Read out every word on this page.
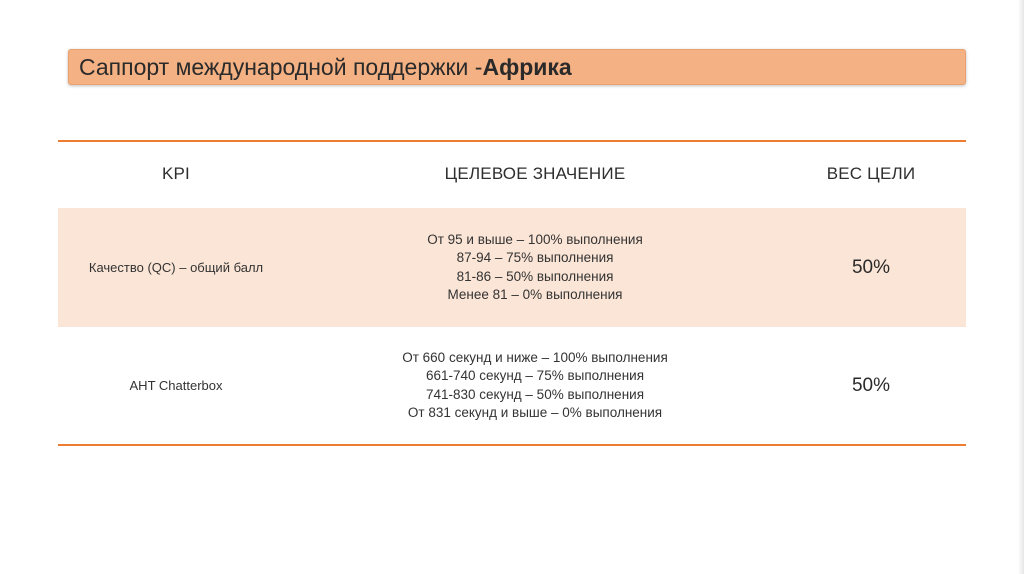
Саппорт международной поддержки - Африка
KPI	ЦЕЛЕВОЕ ЗНАЧЕНИЕ	ВЕС ЦЕЛИ
Качество (QC) – общий балл	От 95 и выше – 100% выполнения
87-94 – 75% выполнения
81-86 – 50% выполнения
Менее 81 – 0% выполнения	50%
AHT Chatterbox	От 660 секунд и ниже – 100% выполнения
661-740 секунд – 75% выполнения
741-830 секунд – 50% выполнения
От 831 секунд и выше – 0% выполнения	50%
